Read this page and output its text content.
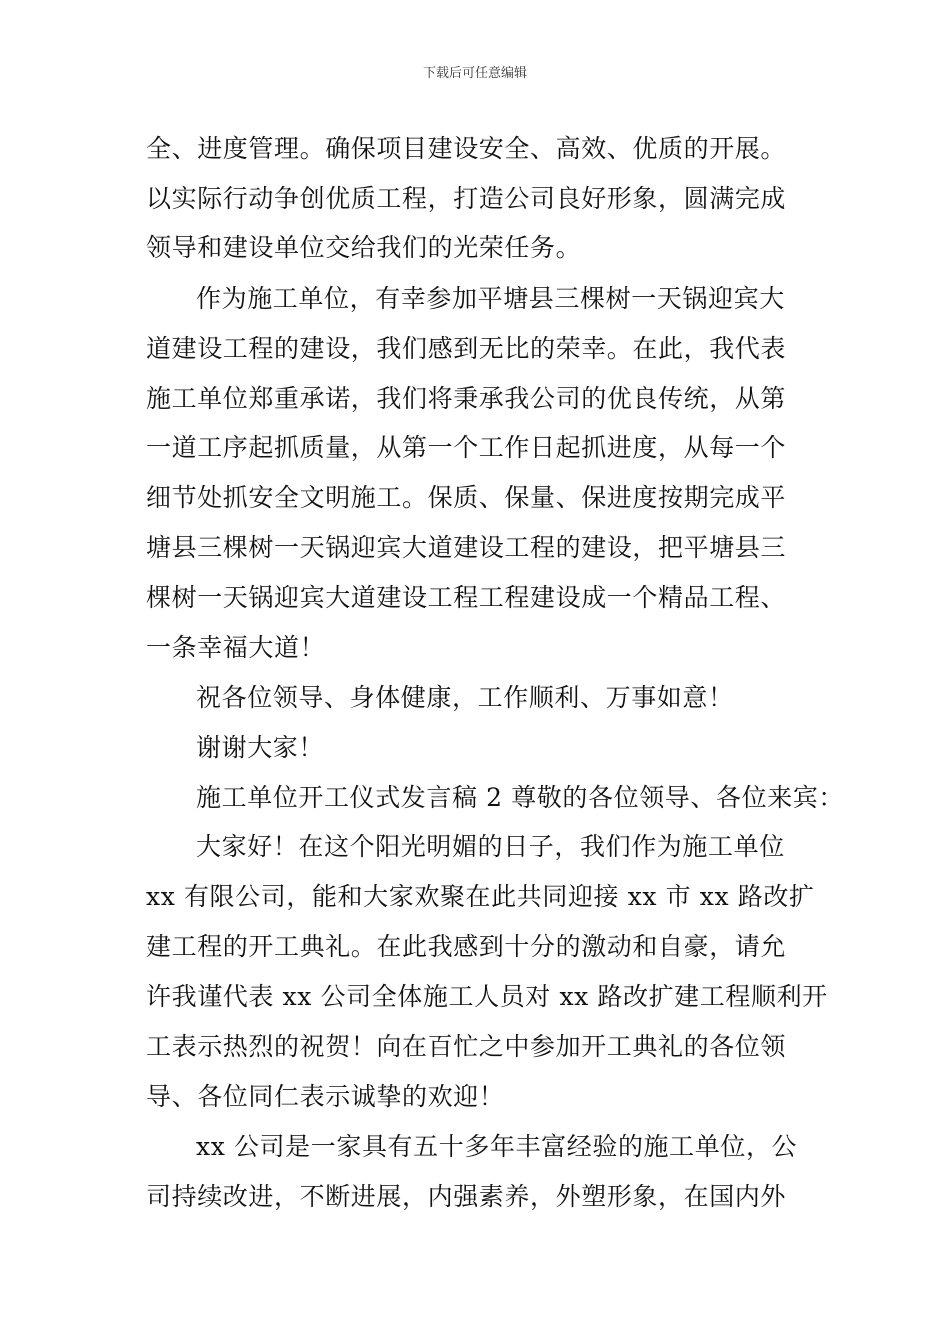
下载后可任意编辑
全、进度管理。确保项目建设安全、高效、优质的开展。
以实际行动争创优质工程，打造公司良好形象，圆满完成
领导和建设单位交给我们的光荣任务。
作为施工单位，有幸参加平塘县三棵树一天锅迎宾大
道建设工程的建设，我们感到无比的荣幸。在此，我代表
施工单位郑重承诺，我们将秉承我公司的优良传统，从第
一道工序起抓质量，从第一个工作日起抓进度，从每一个
细节处抓安全文明施工。保质、保量、保进度按期完成平
塘县三棵树一天锅迎宾大道建设工程的建设，把平塘县三
棵树一天锅迎宾大道建设工程工程建设成一个精品工程、
一条幸福大道！
祝各位领导、身体健康，工作顺利、万事如意！
谢谢大家！
施工单位开工仪式发言稿 2 尊敬的各位领导、各位来宾：
大家好！在这个阳光明媚的日子，我们作为施工单位
xx 有限公司，能和大家欢聚在此共同迎接 xx 市 xx 路改扩
建工程的开工典礼。在此我感到十分的激动和自豪，请允
许我谨代表 xx 公司全体施工人员对 xx 路改扩建工程顺利开
工表示热烈的祝贺！向在百忙之中参加开工典礼的各位领
导、各位同仁表示诚挚的欢迎！
xx 公司是一家具有五十多年丰富经验的施工单位，公
司持续改进，不断进展，内强素养，外塑形象，在国内外
